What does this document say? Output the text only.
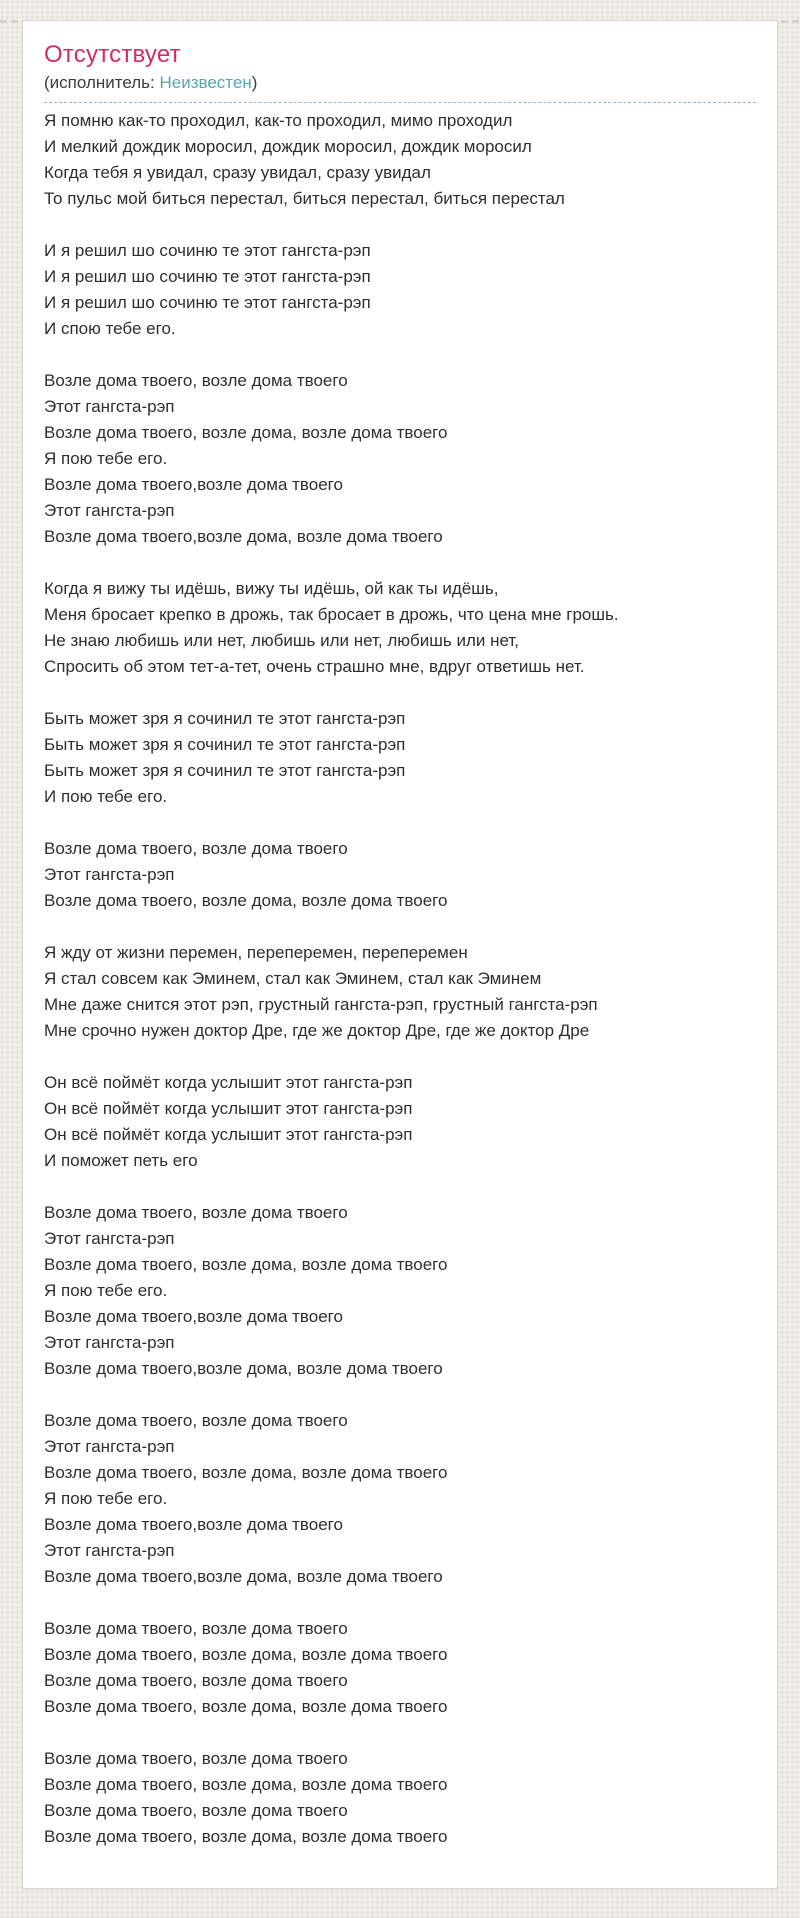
Отсутствует
(исполнитель: Неизвестен)

Я помню как-то проходил, как-то проходил, мимо проходил
И мелкий дождик моросил, дождик моросил, дождик моросил
Когда тебя я увидал, сразу увидал, сразу увидал
То пульс мой биться перестал, биться перестал, биться перестал

И я решил шо сочиню те этот гангста-рэп
И я решил шо сочиню те этот гангста-рэп
И я решил шо сочиню те этот гангста-рэп
И спою тебе его.

Возле дома твоего, возле дома твоего
Этот гангста-рэп
Возле дома твоего, возле дома, возле дома твоего
Я пою тебе его.
Возле дома твоего,возле дома твоего
Этот гангста-рэп
Возле дома твоего,возле дома, возле дома твоего

Когда я вижу ты идёшь, вижу ты идёшь, ой как ты идёшь,
Меня бросает крепко в дрожь, так бросает в дрожь, что цена мне грошь.
Не знаю любишь или нет, любишь или нет, любишь или нет,
Спросить об этом тет-а-тет, очень страшно мне, вдруг ответишь нет.

Быть может зря я сочинил те этот гангста-рэп
Быть может зря я сочинил те этот гангста-рэп
Быть может зря я сочинил те этот гангста-рэп
И пою тебе его.

Возле дома твоего, возле дома твоего
Этот гангста-рэп
Возле дома твоего, возле дома, возле дома твоего

Я жду от жизни перемен, переперемен, переперемен
Я стал совсем как Эминем, стал как Эминем, стал как Эминем
Мне даже снится этот рэп, грустный гангста-рэп, грустный гангста-рэп
Мне срочно нужен доктор Дре, где же доктор Дре, где же доктор Дре

Он всё поймёт когда услышит этот гангста-рэп
Он всё поймёт когда услышит этот гангста-рэп
Он всё поймёт когда услышит этот гангста-рэп
И поможет петь его

Возле дома твоего, возле дома твоего
Этот гангста-рэп
Возле дома твоего, возле дома, возле дома твоего
Я пою тебе его.
Возле дома твоего,возле дома твоего
Этот гангста-рэп
Возле дома твоего,возле дома, возле дома твоего

Возле дома твоего, возле дома твоего
Этот гангста-рэп
Возле дома твоего, возле дома, возле дома твоего
Я пою тебе его.
Возле дома твоего,возле дома твоего
Этот гангста-рэп
Возле дома твоего,возле дома, возле дома твоего

Возле дома твоего, возле дома твоего
Возле дома твоего, возле дома, возле дома твоего
Возле дома твоего, возле дома твоего
Возле дома твоего, возле дома, возле дома твоего

Возле дома твоего, возле дома твоего
Возле дома твоего, возле дома, возле дома твоего
Возле дома твоего, возле дома твоего
Возле дома твоего, возле дома, возле дома твоего
